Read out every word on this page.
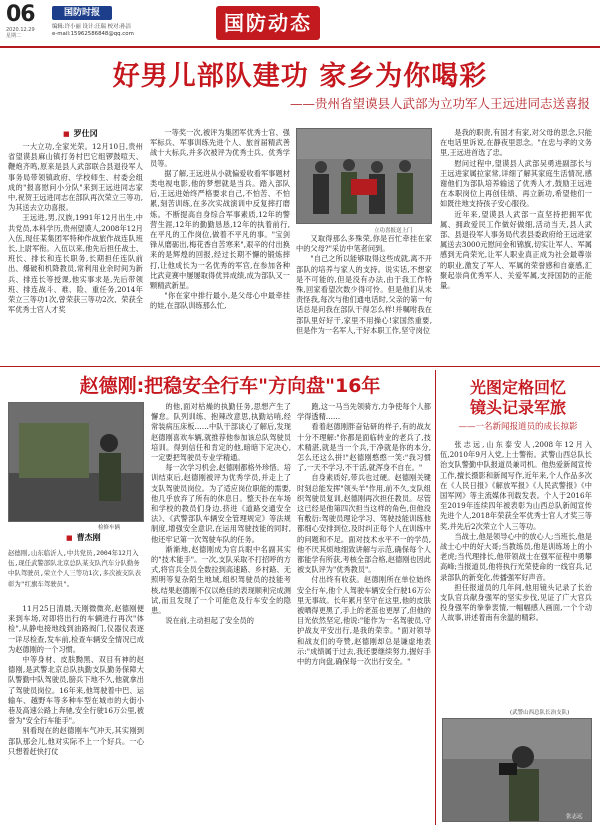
06
2020.12.29
星期二
国防时报
编辑:许小丽 设计:汪瑞 校对:孙洁
e-mail:15962586848@qq.com	国防动态
好男儿部队建功 家乡为你喝彩
——贵州省望谟县人武部为立功军人王远进同志送喜报
■ 罗仕冈

一大立功,全家光荣。12月10日,贵州省望谟县麻山镇打务村巴它组锣鼓喧天、鞭炮齐鸣,原来是县人武部联合县退役军人事务局带领镇政府、学校师生、村委会组成的"报喜慰问小分队"来到王远进同志家中,祝贺王远进同志在部队再次荣立三等功,为其送去立功喜报。

王远进,男,汉族,1991年12月出生,中共党员,本科学历,贵州望谟人,2008年12月入伍,现任某集团军特种作战旅作战连队班长,上尉军衔。入伍以来,他先后担任战士、班长、排长和连长职务,长期担任连队前出、爆破和机降教员,常利用业余时间为新兵、排连长等授课,他实事求是,先后带领班、排连战斗、难、险、重任务,2014年荣立三等功1次,曾荣获三等功2次、荣获全军优秀士官人才奖

一等奖一次,被评为集团军优秀士官、强军标兵、军事训练先进个人、旅首届精武善战十大标兵,并多次被评为优秀士兵、优秀学员等。

据了解,王远进从小就偏爱收看军事题材类电视电影,他的梦想就是当兵。踏入部队后,王远进始终严格要求自己,不怕苦、不怕累,刻苦训练,在多次实战演训中反复摔打磨炼。不断提高自身综合军事素质,12年的警营生涯,12年的勤勤恳恳,12年的执着前行,在平凡的工作岗位,做着不平凡的事。"宝剑锋从磨砺出,梅花香自苦寒来",艰辛的付出换来的是辉煌的回报,经过长期不懈的锻炼摔打,让他成长为一名优秀的军官,在参加各种比武竞赛中屡屡取得优异成绩,成为部队又一颗精武新星。

"你在家中排行最小,是父母心中最牵挂的娃,在部队训练那么忙,

立功喜报送上门

又取得那么多殊荣,你是百忙牵挂在家中的父母?"采访中笔者问到。

"自己之所以能够取得这些成就,离不开部队的培养与家人的支持。说实话,不想家是不可能的,但是没有办法,由于我工作特殊,回家看望次数少得可怜。但是他们从未责怪我,每次与他们通电话时,父亲的第一句话总是问我在部队干得怎么样!并嘱咐我在部队里好好干,家里不用操心!家国然重要,但是作为一名军人,干好本职工作,坚守岗位

是我的职责,有国才有家,对父母的思念,只能在电话里诉说,在静夜里思念。"在忠与孝的文务里,王远进首选了忠。

慰问过程中,望谟县人武部吴勇进副部长与王远进家属拉家常,详细了解其家庭生活情况,感谢他们为部队培养输送了优秀人才,鼓励王远进在本职岗位上再创佳绩、再立新功,希望他们一如既往地支持孩子安心服役。

近年来,望谟县人武部一直坚持把拥军优属、拥政爱民工作做好做细,活动当天,县人武部、县退役军人事务局代表县委政府给王远进家属送去3000元慰问金和锦旗,切实让军人、军属感到无尚荣光,让军人职业真正成为社会最尊崇的职业,激发了军人、军属的荣誉感和自豪感,汇聚起崇尚优秀军人、关爱军属,支持国防的正能量。

赵德刚:把稳安全行车"方向盘"16年
检修车辆
■ 曹杰刚
赵德刚,山东临沂人,中共党员,2004年12月入伍,现任武警部队北京总队某支队汽车分队勤务中队驾驶员,荣立个人三等功1次,多次被支队表彰为"红旗车驾驶员"。

11月25日清晨,天刚微微亮,赵德刚便来到车场,对即将出行的车辆进行再次"体检",从静电接地线到油路阀门,仪器仪表逐一详尽检查,发车前,检查车辆安全情况已成为赵德刚的一个习惯。

中等身材、皮肤黝黑、双目有神的赵德刚,是武警北京总队执勤支队勤务保障大队警勤中队驾驶员,膀兵下地不久,他就拿出了驾驶员岗位。16年来,他驾驶着中巴、运输车、越野车等多种车型在城市的大街小巷及高速公路上奔驰,安全行驶16万公里,被誉为"安全行车能手"。

别看现在的赵德刚车气冲天,其实刚到部队那会儿,他对实际不上一个好兵。一心只想着赶快打仗

的他,面对枯燥的执勤任务,思想产生了懈怠。队列训练、抱辣改意思,执勤站哨,经常装病压床板……中队干部谈心了解后,发现赵德刚喜欢车辆,就推荐他参加该总队驾驶员培训。得到信任和肯定的他,暗暗下定决心,一定要把驾驶员专业学精通。

每一次学习机会,赵德刚都格外珍惜。培训结束后,赵德刚被评为优秀学员,并走上了支队驾驶员岗位。为了适应岗位职能的需要,他几乎放弃了所有的休息日。整天扑在车场和学校的教员们身边,挤进《道路交通安全法》、《武警部队车辆安全管理规定》等法规制度,增强安全意识,在运用驾驶技能的同时,他还牢记第一次驾驶车队的任务。

渐渐地,赵德刚成为官兵眼中名副其实的"技术能手"。一次,支队采取不打招呼的方式,将官兵全员全数拉到高速路、乡村路、无照明等复杂陌生地域,组织驾驶员的技能考核,结果赵德刚不仅以绝佳的表现顺利完成测试,而且发现了一个可能危及行车安全的隐患。

说在前,主动担起了安全员的

跑,这一马当先领骑方,力争使每个人都学得透精……

看着赵德刚胖奋钻研的样子,有的战友十分不理解:"你都是面临转业的老兵了,技术精湛,就是当一个兵,干净就是你的本分,怎么还这么拼!"赵德刚憨憨一笑:"我习惯了,一天不学习,不干活,就浑身不自在。"

自身素质好,带兵也过硬。赵德刚关键时刻总能发挥"领头羊"作用,前不久,支队组织驾驶员复训,赵德刚再次担任教员。尽管这已经是他第四次担当这样的角色,但他没有敷衍:驾驶员理论学习、驾驶技能训练他都细心安排到位,及时纠正每个人在训练中的问题和不足。面对技术水平不一的学员,他不厌其烦地细致讲解与示范,确保每个人都能学有所获,考核全部合格,赵德刚也因此被支队评为"优秀教员"。

付出终有收获。赵德刚所在单位始终安全行车,他个人驾驶车辆安全行驶16万公里无事故。长年累月坚守在这里,他的皮肤被晒得更黑了,手上的老茧也更厚了,但他的目光依然坚定,他说:"能作为一名驾驶员,守护战友平安出行,是我的荣幸。"面对领导和战友们的夸赞,赵德刚却总是谦虚地表示:"成绩属于过去,我还要继续努力,握好手中的方向盘,确保每一次出行安全。"

光图定格回忆
镜头记录军旅
——一名新闻报道员的成长掠影

张志远,山东泰安人,2008年12月入伍,2010年9月入党,上士警衔。武警山西总队长治支队警勤中队报道员兼司机。他热爱新闻宣传工作,擅长摄影和新闻写作,近年来,个人作品多次在《人民日报》《解放军报》《人民武警报》《中国军网》等主流媒体刊载发表。个人于2016年至2019年连续四年被表彰为山西总队新闻宣传先进个人,2018年荣获全军优秀士官人才奖三等奖,并先后2次荣立个人三等功。

当战士,他是领导心中的放心人;当班长,他是战士心中的好大哥;当教练员,他是训练场上的小老虎;当代理排长,他带领战士在强军征程中勇攀高峰;当报道员,他将执行光荣使命的一线官兵,记录部队的新变化,传播强军好声音。

担任报道员的几年间,他用镜头记录了长治支队官兵献身强军的坚实步伐,见证了广大官兵投身强军的拳拳衷情,一幅幅感人画面,一个个动人故事,讲述着南有余温的精彩。

(武警山西总队长治支队)
张志远
